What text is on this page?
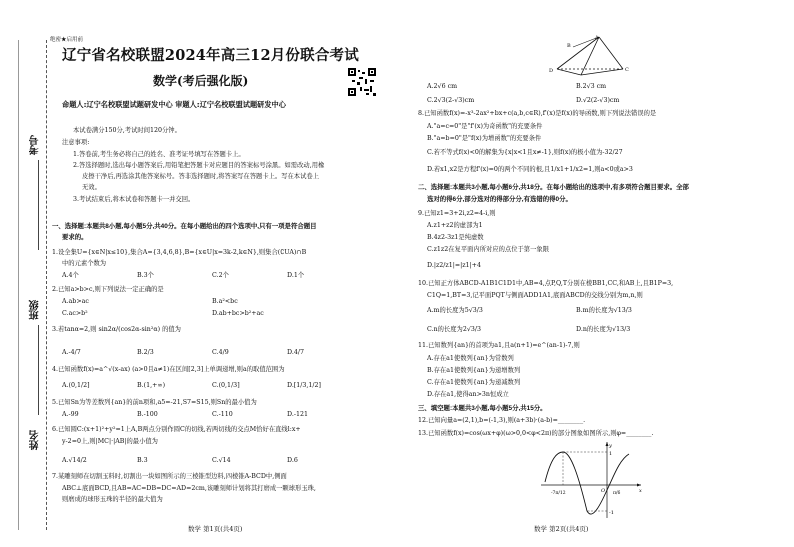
绝密★启用前
辽宁省名校联盟2024年高三12月份联合考试
数学(考后强化版)
命题人:辽宁名校联盟试题研发中心 审题人:辽宁名校联盟试题研发中心
考号
班级
姓名
本试卷满分150分,考试时间120分钟。
注意事项:
1.答卷前,考生务必将自己的姓名、准考证号填写在答题卡上。
2.答选择题时,选出每小题答案后,用铅笔把答题卡对应题目的答案标号涂黑。如需改动,用橡
皮擦干净后,再选涂其他答案标号。答非选择题时,将答案写在答题卡上。写在本试卷上
无效。
3.考试结束后,将本试卷和答题卡一并交回。
一、选择题:本题共8小题,每小题5分,共40分。在每小题给出的四个选项中,只有一项是符合题目
要求的。
1.设全集U={x∈N|x≤10},集合A={3,4,6,8},B={x∈U|x=3k-2,k∈N},则集合(∁UA)∩B
中的元素个数为
A.4个	B.3个	C.2个	D.1个
2.已知a>b>c,则下列说法一定正确的是
A.ab>ac	B.a²<bc
C.ac>b²	D.ab+bc>b²+ac
3.若tanα=2,则 sin2α/(cos2α-sin²α) 的值为
A.-4/7	B.2/3	C.4/9	D.4/7
4.已知函数f(x)=a^√(x-ax) (a>0且a≠1)在区间[2,3]上单调递增,则a的取值范围为
A.(0,1/2]	B.(1,+∞)	C.(0,1/3]	D.[1/3,1/2]
5.已知Sn为等差数列{an}的前n项和,a5=-21,S7=S15,则Sn的最小值为
A.-99	B.-100	C.-110	D.-121
6.已知圆C:(x+1)²+y²=1上A,B两点分别作圆C的切线,若两切线的交点M恰好在直线l:x+
y-2=0上,则|MC|·|AB|的最小值为
A.√14/2	B.3	C.√14	D.6
7.某雕刻师在切割玉料时,切割出一块如图所示的三棱锥型边料,四棱锥A-BCD中,侧面
ABC⊥底面BCD,且AB=AC=DB=DC=AD=2cm,该雕刻师计划将其打磨成一颗球形玉珠,
则磨成的球形玉珠的半径的最大值为
数学 第1页(共4页)
A
B
C
D
A.2√6 cm	B.2√3 cm
C.2√3(2-√3)cm	D.√2(2-√3)cm
8.已知函数f(x)=-x³-2ax²+bx+c(a,b,c∈R),f'(x)是f(x)的导函数,则下列说法错误的是
A."a=c=0"是"f'(x)为奇函数"的充要条件
B."a=b=0"是"f(x)为增函数"的充要条件
C.若不等式f(x)<0的解集为{x|x<1且x≠-1},则f(x)的极小值为-32/27
D.若x1,x2是方程f'(x)=0的两个不同的根,且1/x1+1/x2=1,则a<0或a>3
二、选择题:本题共3小题,每小题6分,共18分。在每小题给出的选项中,有多项符合题目要求。全部
选对的得6分,部分选对的得部分分,有选错的得0分。
9.已知z1=3+2i,z2=4-i,则
A.z1+z2的虚部为1
B.4z2-3z1是纯虚数
C.z1z2在复平面内所对应的点位于第一象限
D.|z2/z1|=|z1|+4
10.已知正方体ABCD-A1B1C1D1中,AB=4,点P,Q,T分别在棱BB1,CC,和AB上,且B1P=3,
C1Q=1,BT=3,记平面PQT与侧面ADD1A1,底面ABCD的交线分别为m,n,则
A.m的长度为5√3/3	B.m的长度为√13/3
C.n的长度为2√3/3	D.n的长度为√13/3
11.已知数列{an}的首项为a1,且a(n+1)=e^(an-1)-7,则
A.存在a1使数列{an}为常数列
B.存在a1使数列{an}为递增数列
C.存在a1使数列{an}为递减数列
D.存在a1,使得an>3n恒成立
三、填空题:本题共3小题,每小题5分,共15分。
12.已知向量a=(2,1),b=(-1,3),则(a+3b)·(a-b)=________.
13.已知函数f(x)=cos(ωx+φ)(ω>0,0<φ<2π)的部分图象如图所示,则φ=________.
y
x
O
1
-1
-7π/12	π/6
数学 第2页(共4页)
